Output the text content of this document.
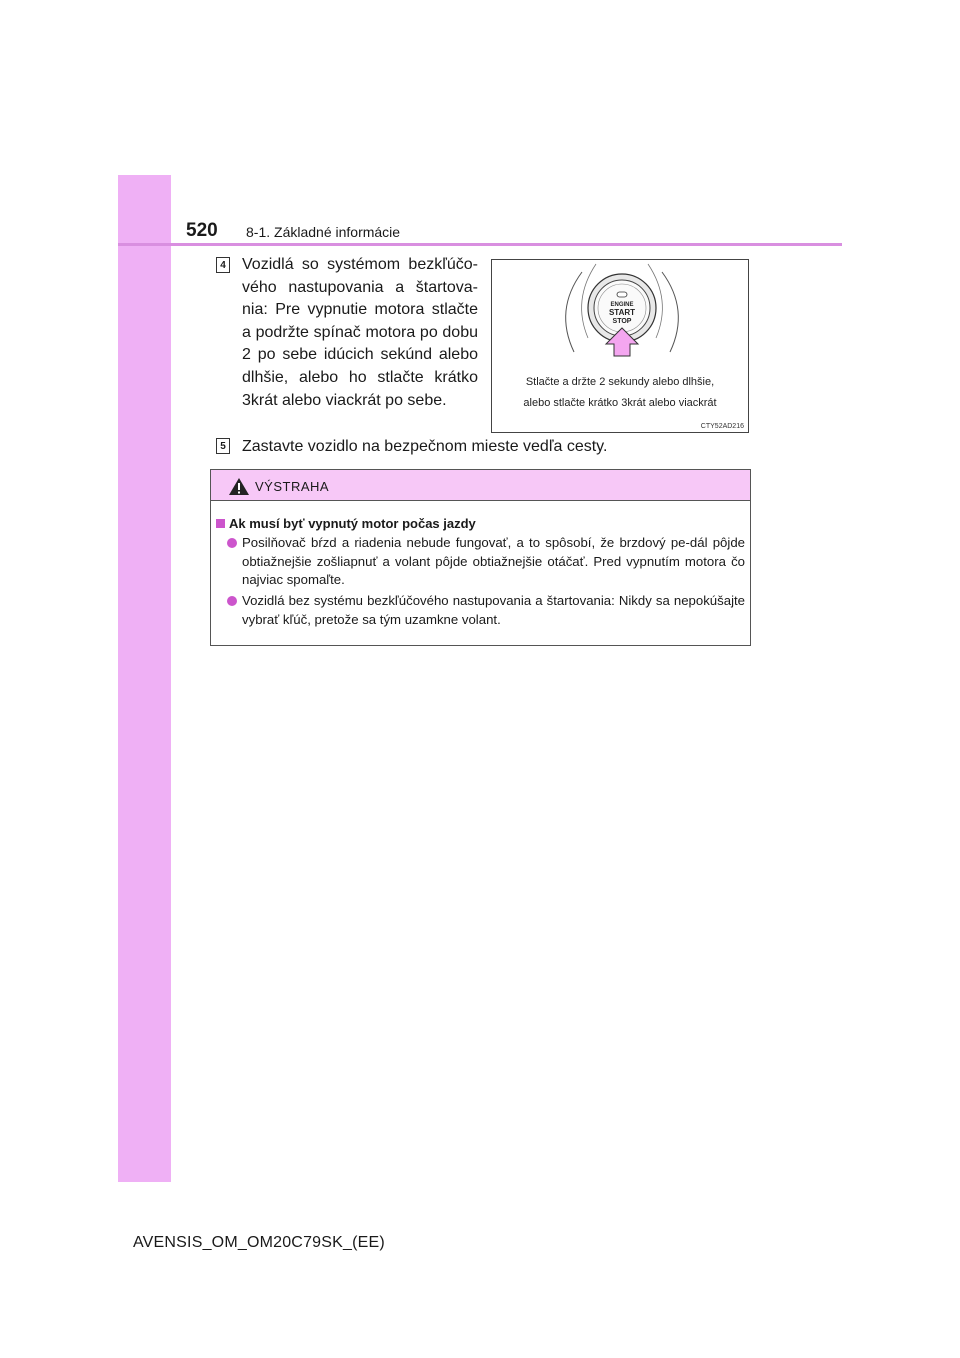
520 8-1. Základné informácie
4 Vozidlá so systémom bezkľúčo-vého nastupovania a štartova-nia: Pre vypnutie motora stlačte a podržte spínač motora po dobu 2 po sebe idúcich sekúnd alebo dlhšie, alebo ho stlačte krátko 3krát alebo viackrát po sebe.
ENGINE
START
STOP
Stlačte a držte 2 sekundy alebo dlhšie,
alebo stlačte krátko 3krát alebo viackrát
CTY52AD216
5 Zastavte vozidlo na bezpečnom mieste vedľa cesty.
VÝSTRAHA
Ak musí byť vypnutý motor počas jazdy
Posilňovač bŕzd a riadenia nebude fungovať, a to spôsobí, že brzdový pe-dál pôjde obtiažnejšie zošliapnuť a volant pôjde obtiažnejšie otáčať. Pred vypnutím motora čo najviac spomaľte.
Vozidlá bez systému bezkľúčového nastupovania a štartovania: Nikdy sa nepokúšajte vybrať kľúč, pretože sa tým uzamkne volant.
AVENSIS_OM_OM20C79SK_(EE)
